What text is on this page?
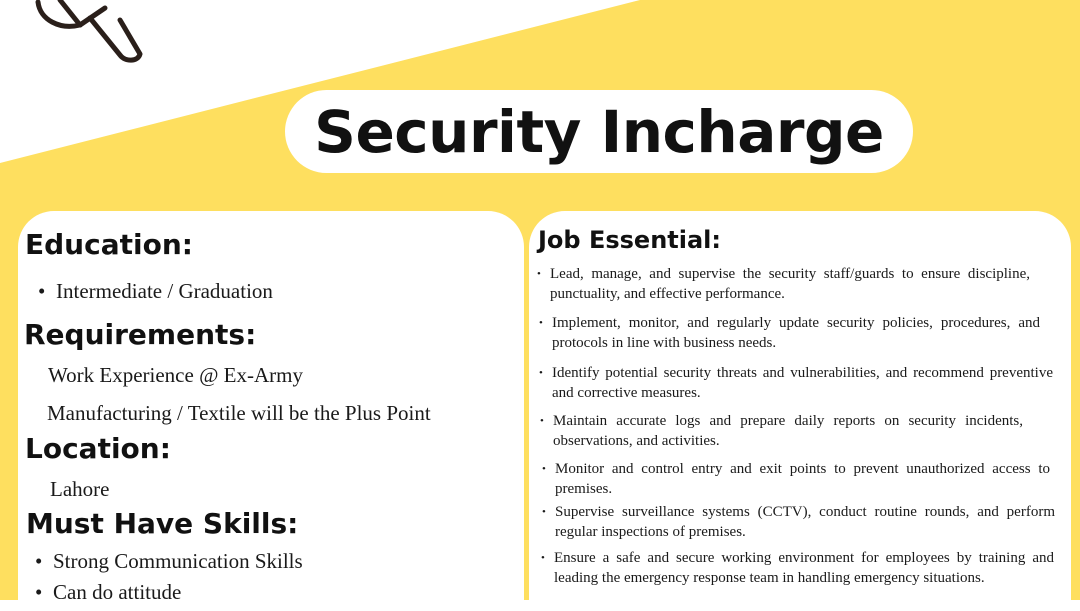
Security Incharge
Education:

• Intermediate / Graduation

Requirements:

Work Experience @ Ex-Army

Manufacturing / Textile will be the Plus Point

Location:

Lahore

Must Have Skills:

• Strong Communication Skills

• Can do attitude

Job Essential:

• Lead, manage, and supervise the security staff/guards to ensure discipline, punctuality, and effective performance.

• Implement, monitor, and regularly update security policies, procedures, and protocols in line with business needs.

• Identify potential security threats and vulnerabilities, and recommend preventive and corrective measures.

• Maintain accurate logs and prepare daily reports on security incidents, observations, and activities.

• Monitor and control entry and exit points to prevent unauthorized access to premises.

• Supervise surveillance systems (CCTV), conduct routine rounds, and perform regular inspections of premises.

• Ensure a safe and secure working environment for employees by training and leading the emergency response team in handling emergency situations.
